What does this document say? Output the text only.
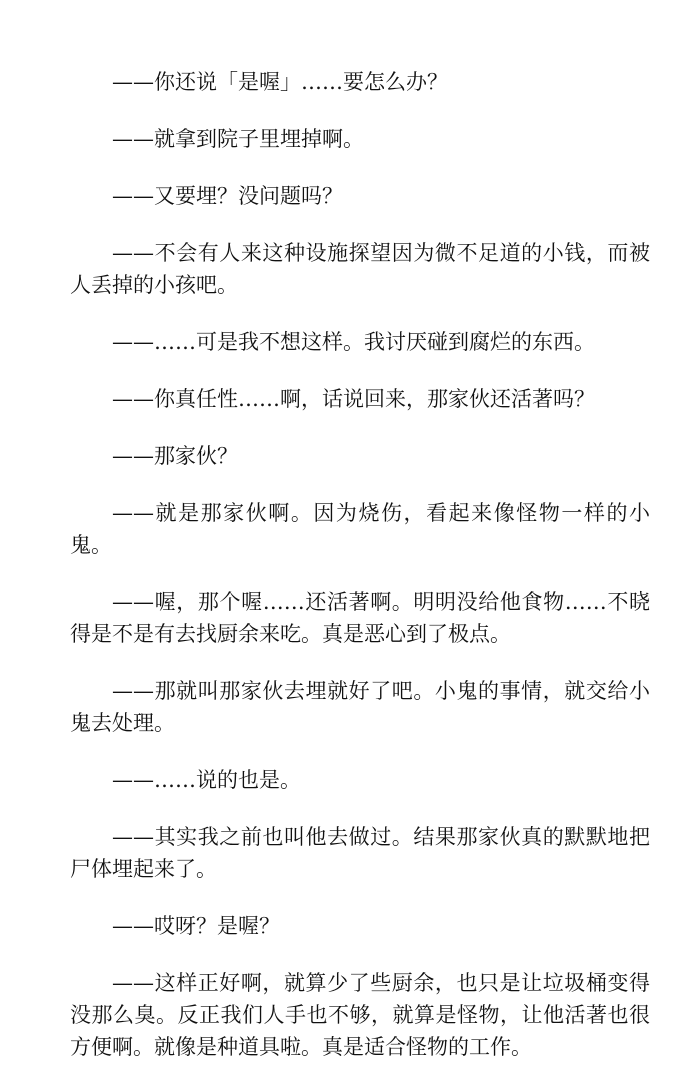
——你还说「是喔」……要怎么办？

——就拿到院子里埋掉啊。

——又要埋？没问题吗？

——不会有人来这种设施探望因为微不足道的小钱，而被人丢掉的小孩吧。

——……可是我不想这样。我讨厌碰到腐烂的东西。

——你真任性……啊，话说回来，那家伙还活著吗？

——那家伙？

——就是那家伙啊。因为烧伤，看起来像怪物一样的小鬼。

——喔，那个喔……还活著啊。明明没给他食物……不晓得是不是有去找厨余来吃。真是恶心到了极点。

——那就叫那家伙去埋就好了吧。小鬼的事情，就交给小鬼去处理。

——……说的也是。

——其实我之前也叫他去做过。结果那家伙真的默默地把尸体埋起来了。

——哎呀？是喔？

——这样正好啊，就算少了些厨余，也只是让垃圾桶变得没那么臭。反正我们人手也不够，就算是怪物，让他活著也很方便啊。就像是种道具啦。真是适合怪物的工作。
